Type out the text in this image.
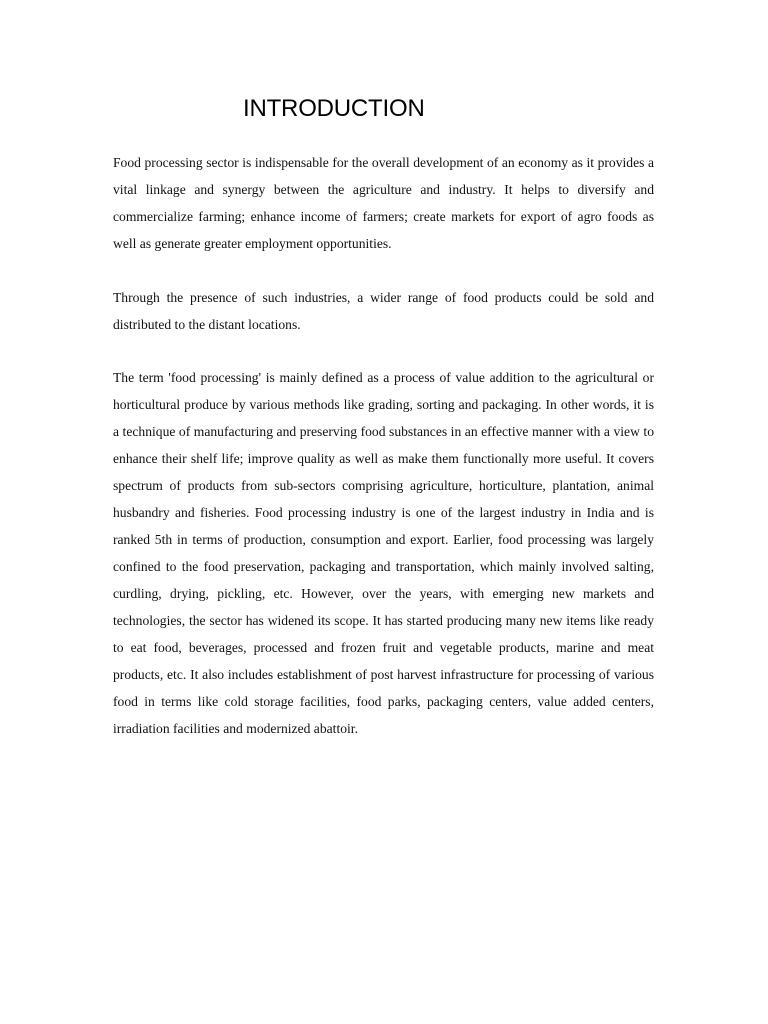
INTRODUCTION

Food processing sector is indispensable for the overall development of an economy as it provides a vital linkage and synergy between the agriculture and industry. It helps to diversify and commercialize farming; enhance income of farmers; create markets for export of agro foods as well as generate greater employment opportunities.

Through the presence of such industries, a wider range of food products could be sold and distributed to the distant locations.

The term 'food processing' is mainly defined as a process of value addition to the agricultural or horticultural produce by various methods like grading, sorting and packaging. In other words, it is a technique of manufacturing and preserving food substances in an effective manner with a view to enhance their shelf life; improve quality as well as make them functionally more useful. It covers spectrum of products from sub-sectors comprising agriculture, horticulture, plantation, animal husbandry and fisheries. Food processing industry is one of the largest industry in India and is ranked 5th in terms of production, consumption and export. Earlier, food processing was largely confined to the food preservation, packaging and transportation, which mainly involved salting, curdling, drying, pickling, etc. However, over the years, with emerging new markets and technologies, the sector has widened its scope. It has started producing many new items like ready to eat food, beverages, processed and frozen fruit and vegetable products, marine and meat products, etc. It also includes establishment of post harvest infrastructure for processing of various food in terms like cold storage facilities, food parks, packaging centers, value added centers, irradiation facilities and modernized abattoir.
